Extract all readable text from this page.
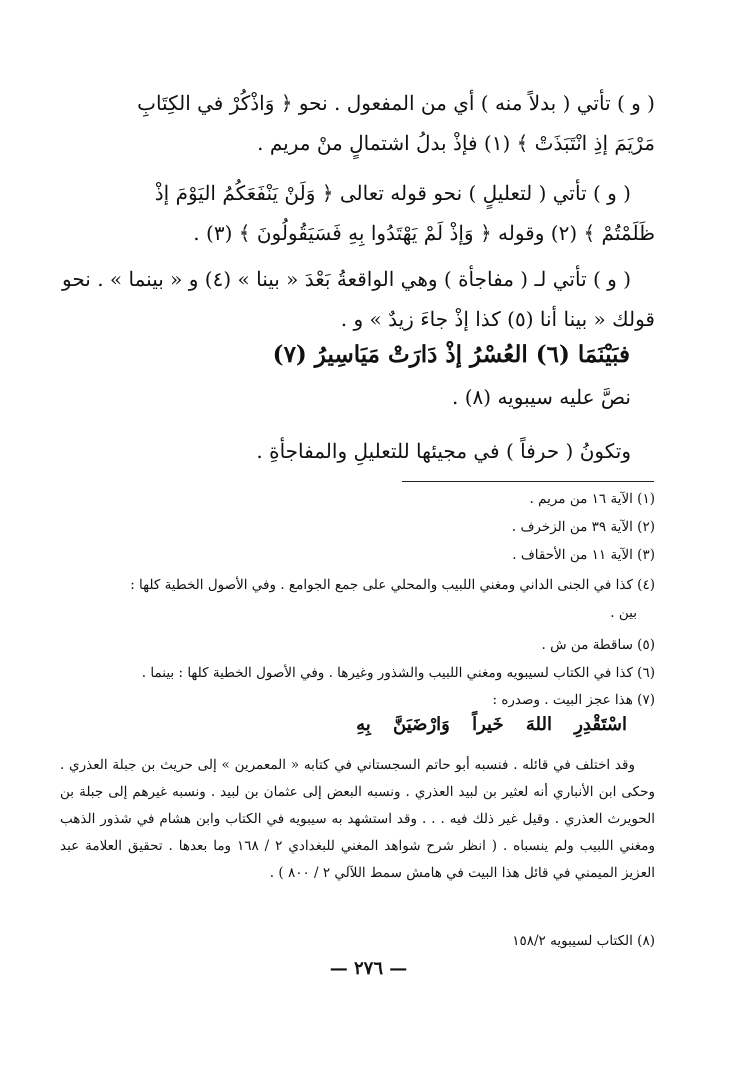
( و ) تأتي ( بدلاً منه ) أي من المفعول . نحو ﴿ وَاذْكُرْ في الكِتَابِ

مَرْيَمَ إذِ انْتَبَذَتْ ﴾ (١) فإذْ بدلُ اشتمالٍ منْ مريم .

( و ) تأتي ( لتعليلٍ ) نحو قوله تعالى ﴿ وَلَنْ يَنْفَعَكُمُ اليَوْمَ إذْ

ظَلَمْتُمْ ﴾ (٢) وقوله ﴿ وَإذْ لَمْ يَهْتَدُوا بِهِ فَسَيَقُولُونَ ﴾ (٣) .

( و ) تأتي لـ ( مفاجأة ) وهي الواقعةُ بَعْدَ « بينا » (٤) و « بينما » . نحو

قولك « بينا أنا (٥) كذا إذْ جاءَ زيدٌ » و .

فبَيْنَمَا (٦) العُسْرُ إذْ دَارَتْ مَيَاسِيرُ (٧)

نصَّ عليه سيبويه (٨) .

وتكونُ ( حرفاً ) في مجيئها للتعليلِ والمفاجأةِ .

(١) الآية ١٦ من مريم .
(٢) الآية ٣٩ من الزخرف .
(٣) الآية ١١ من الأحقاف .
(٤) كذا في الجنى الداني ومغني اللبيب والمحلي على جمع الجوامع . وفي الأصول الخطية كلها :
بين .
(٥) ساقطة من ش .
(٦) كذا في الكتاب لسيبويه ومغني اللبيب والشذور وغيرها . وفي الأصول الخطية كلها : بينما .
(٧) هذا عجز البيت . وصدره :
اسْتَقْدِرِ اللهَ خَيراً وَارْضَيَنَّ بِهِ
وقد اختلف في قائله . فنسبه أبو حاتم السجستاني في كتابه « المعمرين » إلى حريث بن جبلة العذري . وحكى ابن الأنباري أنه لعثير بن لبيد العذري . ونسبه البعض إلى عثمان بن لبيد . ونسبه غيرهم إلى جبلة بن الحويرث العذري . وقيل غير ذلك فيه . . . وقد استشهد به سيبويه في الكتاب وابن هشام في شذور الذهب ومغني اللبيب ولم ينسباه . ( انظر شرح شواهد المغني للبغدادي ٢ / ١٦٨ وما بعدها . تحقيق العلامة عبد العزيز الميمني في قائل هذا البيت في هامش سمط اللآلي ٢ / ٨٠٠ ) .
(٨) الكتاب لسيبويه ١٥٨/٢
— ٢٧٦ —
